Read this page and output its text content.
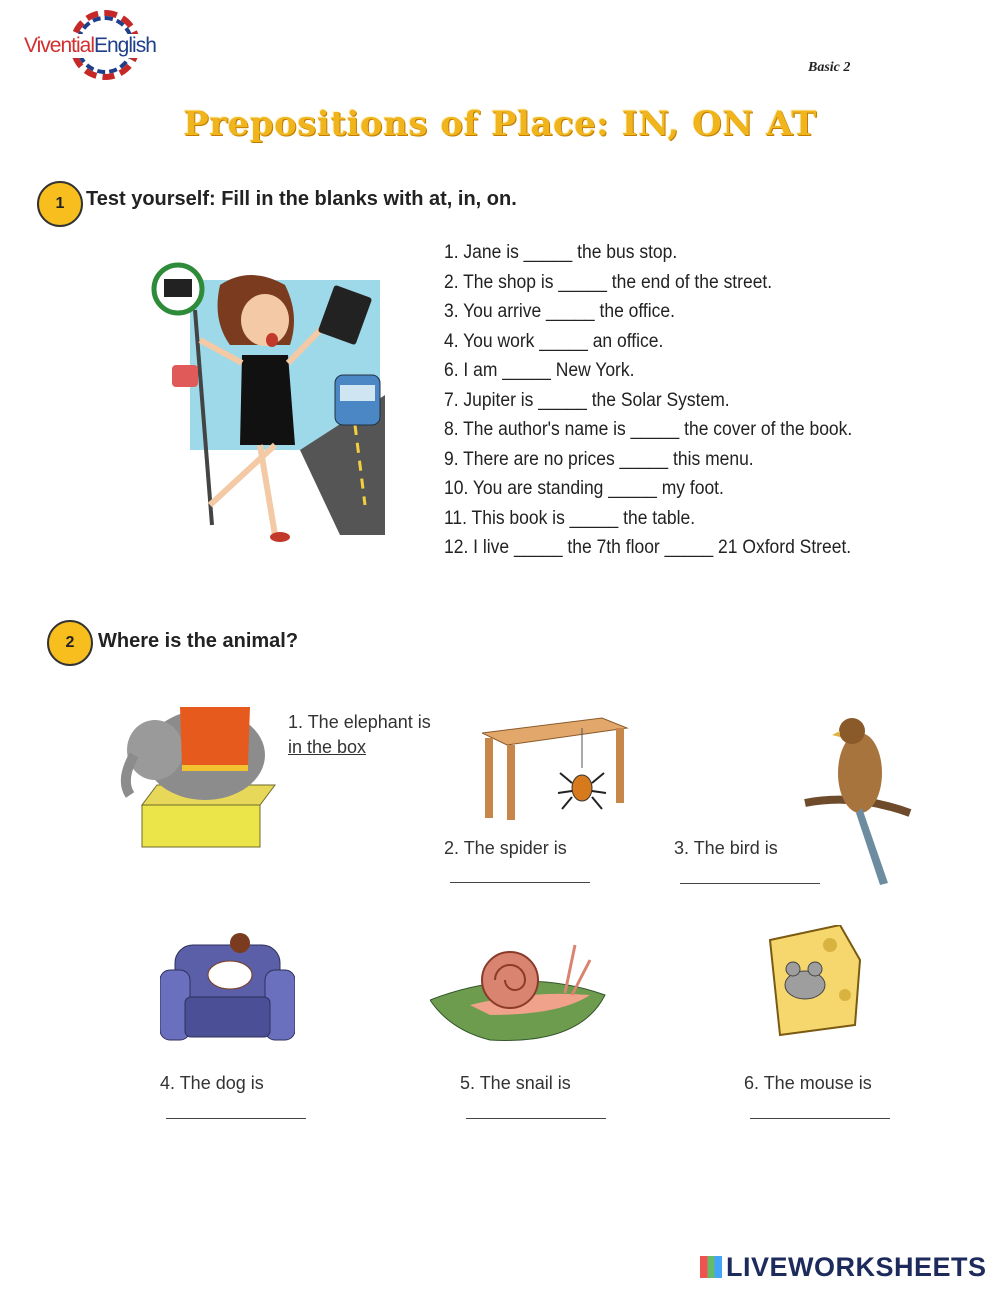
ViventialEnglish
Basic 2
Prepositions of Place: IN, ON AT
1	Test yourself: Fill in the blanks with at, in, on.
1. Jane is _____ the bus stop.
2. The shop is _____ the end of the street.
3. You arrive _____ the office.
4. You work _____ an office.
6. I am _____ New York.
7. Jupiter is _____ the Solar System.
8. The author's name is _____ the cover of the book.
9. There are no prices _____ this menu.
10. You are standing _____ my foot.
11. This book is _____ the table.
12. I live _____ the 7th floor _____ 21 Oxford Street.
2	Where is the animal?
1. The elephant is
in the box
2. The spider is	3. The bird is
4. The dog is	5. The snail is	6. The mouse is
LIVEWORKSHEETS
